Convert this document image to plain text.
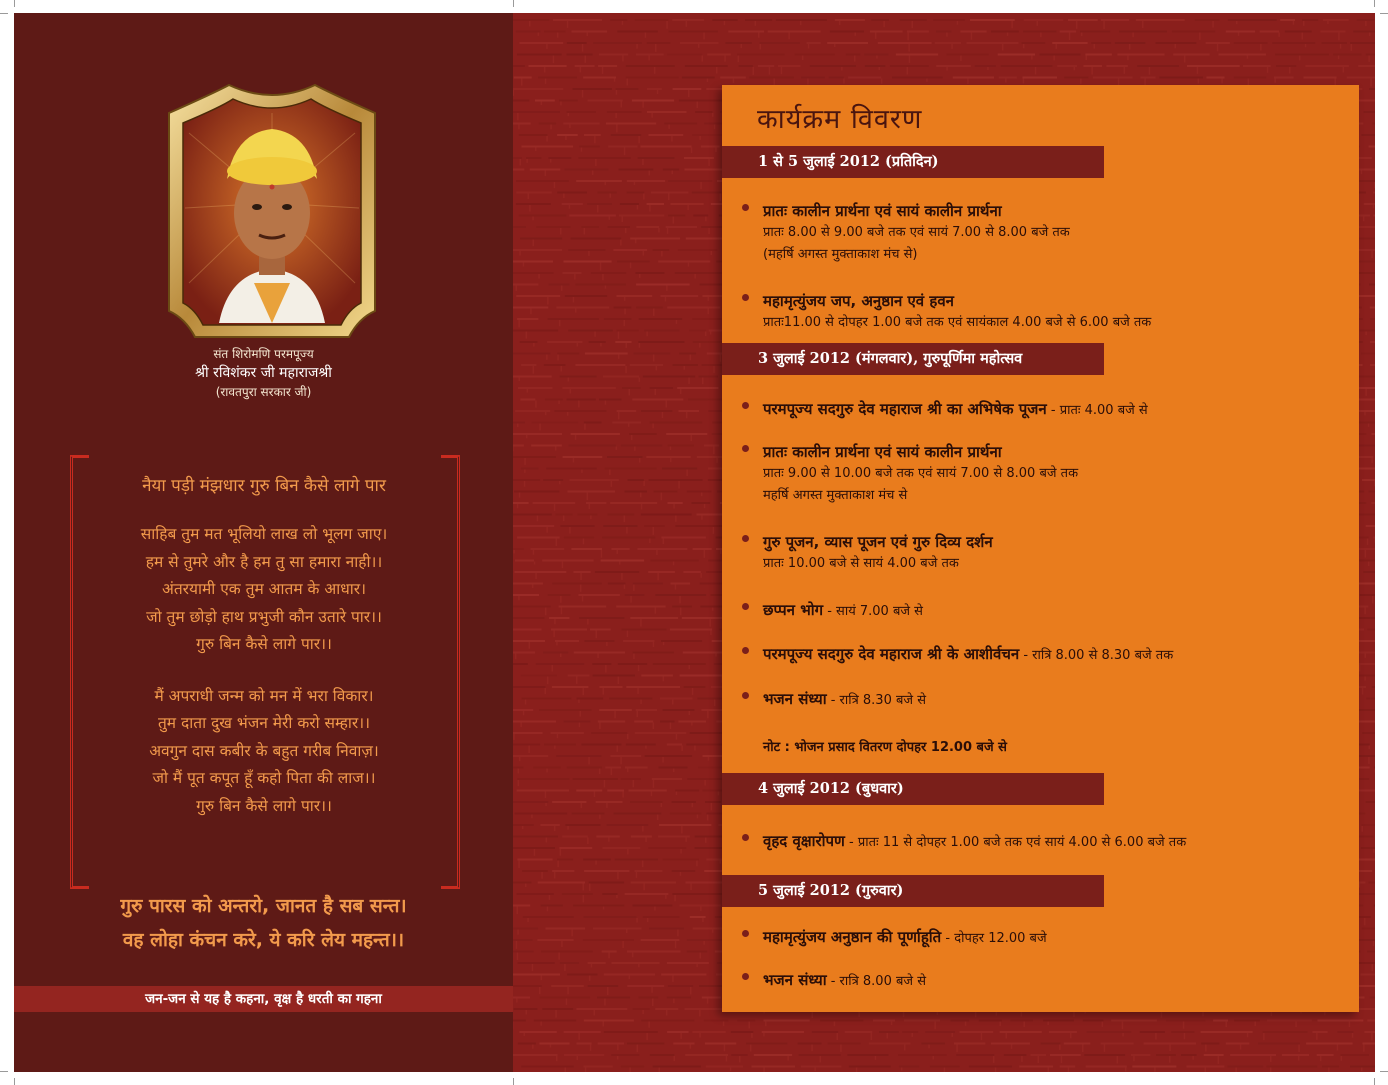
संत शिरोमणि परमपूज्य
श्री रविशंकर जी महाराजश्री
(रावतपुरा सरकार जी)
नैया पड़ी मंझधार गुरु बिन कैसे लागे पार
साहिब तुम मत भूलियो लाख लो भूलग जाए।
हम से तुमरे और है हम तु सा हमारा नाही।।
अंतरयामी एक तुम आतम के आधार।
जो तुम छोड़ो हाथ प्रभुजी कौन उतारे पार।।
गुरु बिन कैसे लागे पार।।
मैं अपराधी जन्म को मन में भरा विकार।
तुम दाता दुख भंजन मेरी करो सम्हार।।
अवगुन दास कबीर के बहुत गरीब निवाज़।
जो मैं पूत कपूत हूँ कहो पिता की लाज।।
गुरु बिन कैसे लागे पार।।
गुरु पारस को अन्तरो, जानत है सब सन्त।
वह लोहा कंचन करे, ये करि लेय महन्त।।
जन-जन से यह है कहना, वृक्ष है धरती का गहना
कार्यक्रम विवरण
1 से 5 जुलाई 2012 (प्रतिदिन)
प्रातः कालीन प्रार्थना एवं सायं कालीन प्रार्थना
प्रातः 8.00 से 9.00 बजे तक एवं सायं 7.00 से 8.00 बजे तक
(महर्षि अगस्त मुक्ताकाश मंच से)
महामृत्युंजय जप, अनुष्ठान एवं हवन
प्रातः11.00 से दोपहर 1.00 बजे तक एवं सायंकाल 4.00 बजे से 6.00 बजे तक
3 जुलाई 2012 (मंगलवार), गुरुपूर्णिमा महोत्सव
परमपूज्य सदगुरु देव महाराज श्री का अभिषेक पूजन - प्रातः 4.00 बजे से
प्रातः कालीन प्रार्थना एवं सायं कालीन प्रार्थना
प्रातः 9.00 से 10.00 बजे तक एवं सायं 7.00 से 8.00 बजे तक
महर्षि अगस्त मुक्ताकाश मंच से
गुरु पूजन, व्यास पूजन एवं गुरु दिव्य दर्शन
प्रातः 10.00 बजे से सायं 4.00 बजे तक
छप्पन भोग - सायं 7.00 बजे से
परमपूज्य सदगुरु देव महाराज श्री के आशीर्वचन - रात्रि 8.00 से 8.30 बजे तक
भजन संध्या - रात्रि 8.30 बजे से
नोट : भोजन प्रसाद वितरण दोपहर 12.00 बजे से
4 जुलाई 2012 (बुधवार)
वृहद वृक्षारोपण - प्रातः 11 से दोपहर 1.00 बजे तक एवं सायं 4.00 से 6.00 बजे तक
5 जुलाई 2012 (गुरुवार)
महामृत्युंजय अनुष्ठान की पूर्णाहूति - दोपहर 12.00 बजे
भजन संध्या - रात्रि 8.00 बजे से
